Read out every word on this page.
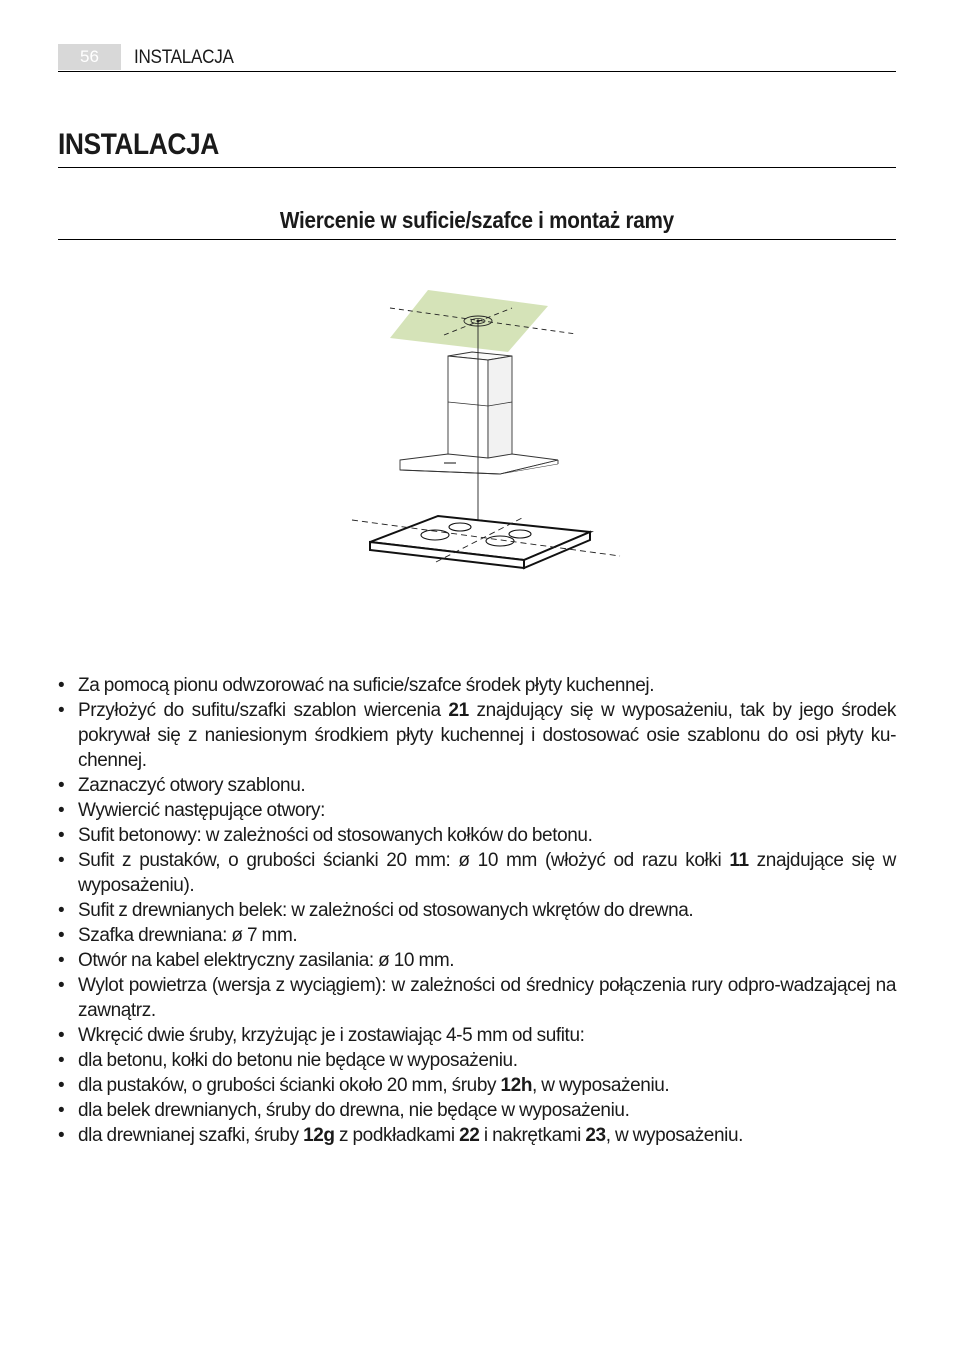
56	INSTALACJA
INSTALACJA
Wiercenie w suficie/szafce i montaż ramy
• Za pomocą pionu odwzorować na suficie/szafce środek płyty kuchennej.
• Przyłożyć do sufitu/szafki szablon wiercenia 21 znajdujący się w wyposażeniu, tak by jego środek pokrywał się z naniesionym środkiem płyty kuchennej i dostosować osie szablonu do osi płyty ku-chennej.
• Zaznaczyć otwory szablonu.
• Wywiercić następujące otwory:
• Sufit betonowy: w zależności od stosowanych kołków do betonu.
• Sufit z pustaków, o grubości ścianki 20 mm: ø 10 mm (włożyć od razu kołki 11 znajdujące się w wyposażeniu).
• Sufit z drewnianych belek: w zależności od stosowanych wkrętów do drewna.
• Szafka drewniana: ø 7 mm.
• Otwór na kabel elektryczny zasilania: ø 10 mm.
• Wylot powietrza (wersja z wyciągiem): w zależności od średnicy połączenia rury odpro-wadzającej na zawnątrz.
• Wkręcić dwie śruby, krzyżując je i zostawiając 4-5 mm od sufitu:
• dla betonu, kołki do betonu nie będące w wyposażeniu.
• dla pustaków, o grubości ścianki około 20 mm, śruby 12h, w wyposażeniu.
• dla belek drewnianych, śruby do drewna, nie będące w wyposażeniu.
• dla drewnianej szafki, śruby 12g z podkładkami 22 i nakrętkami 23, w wyposażeniu.
